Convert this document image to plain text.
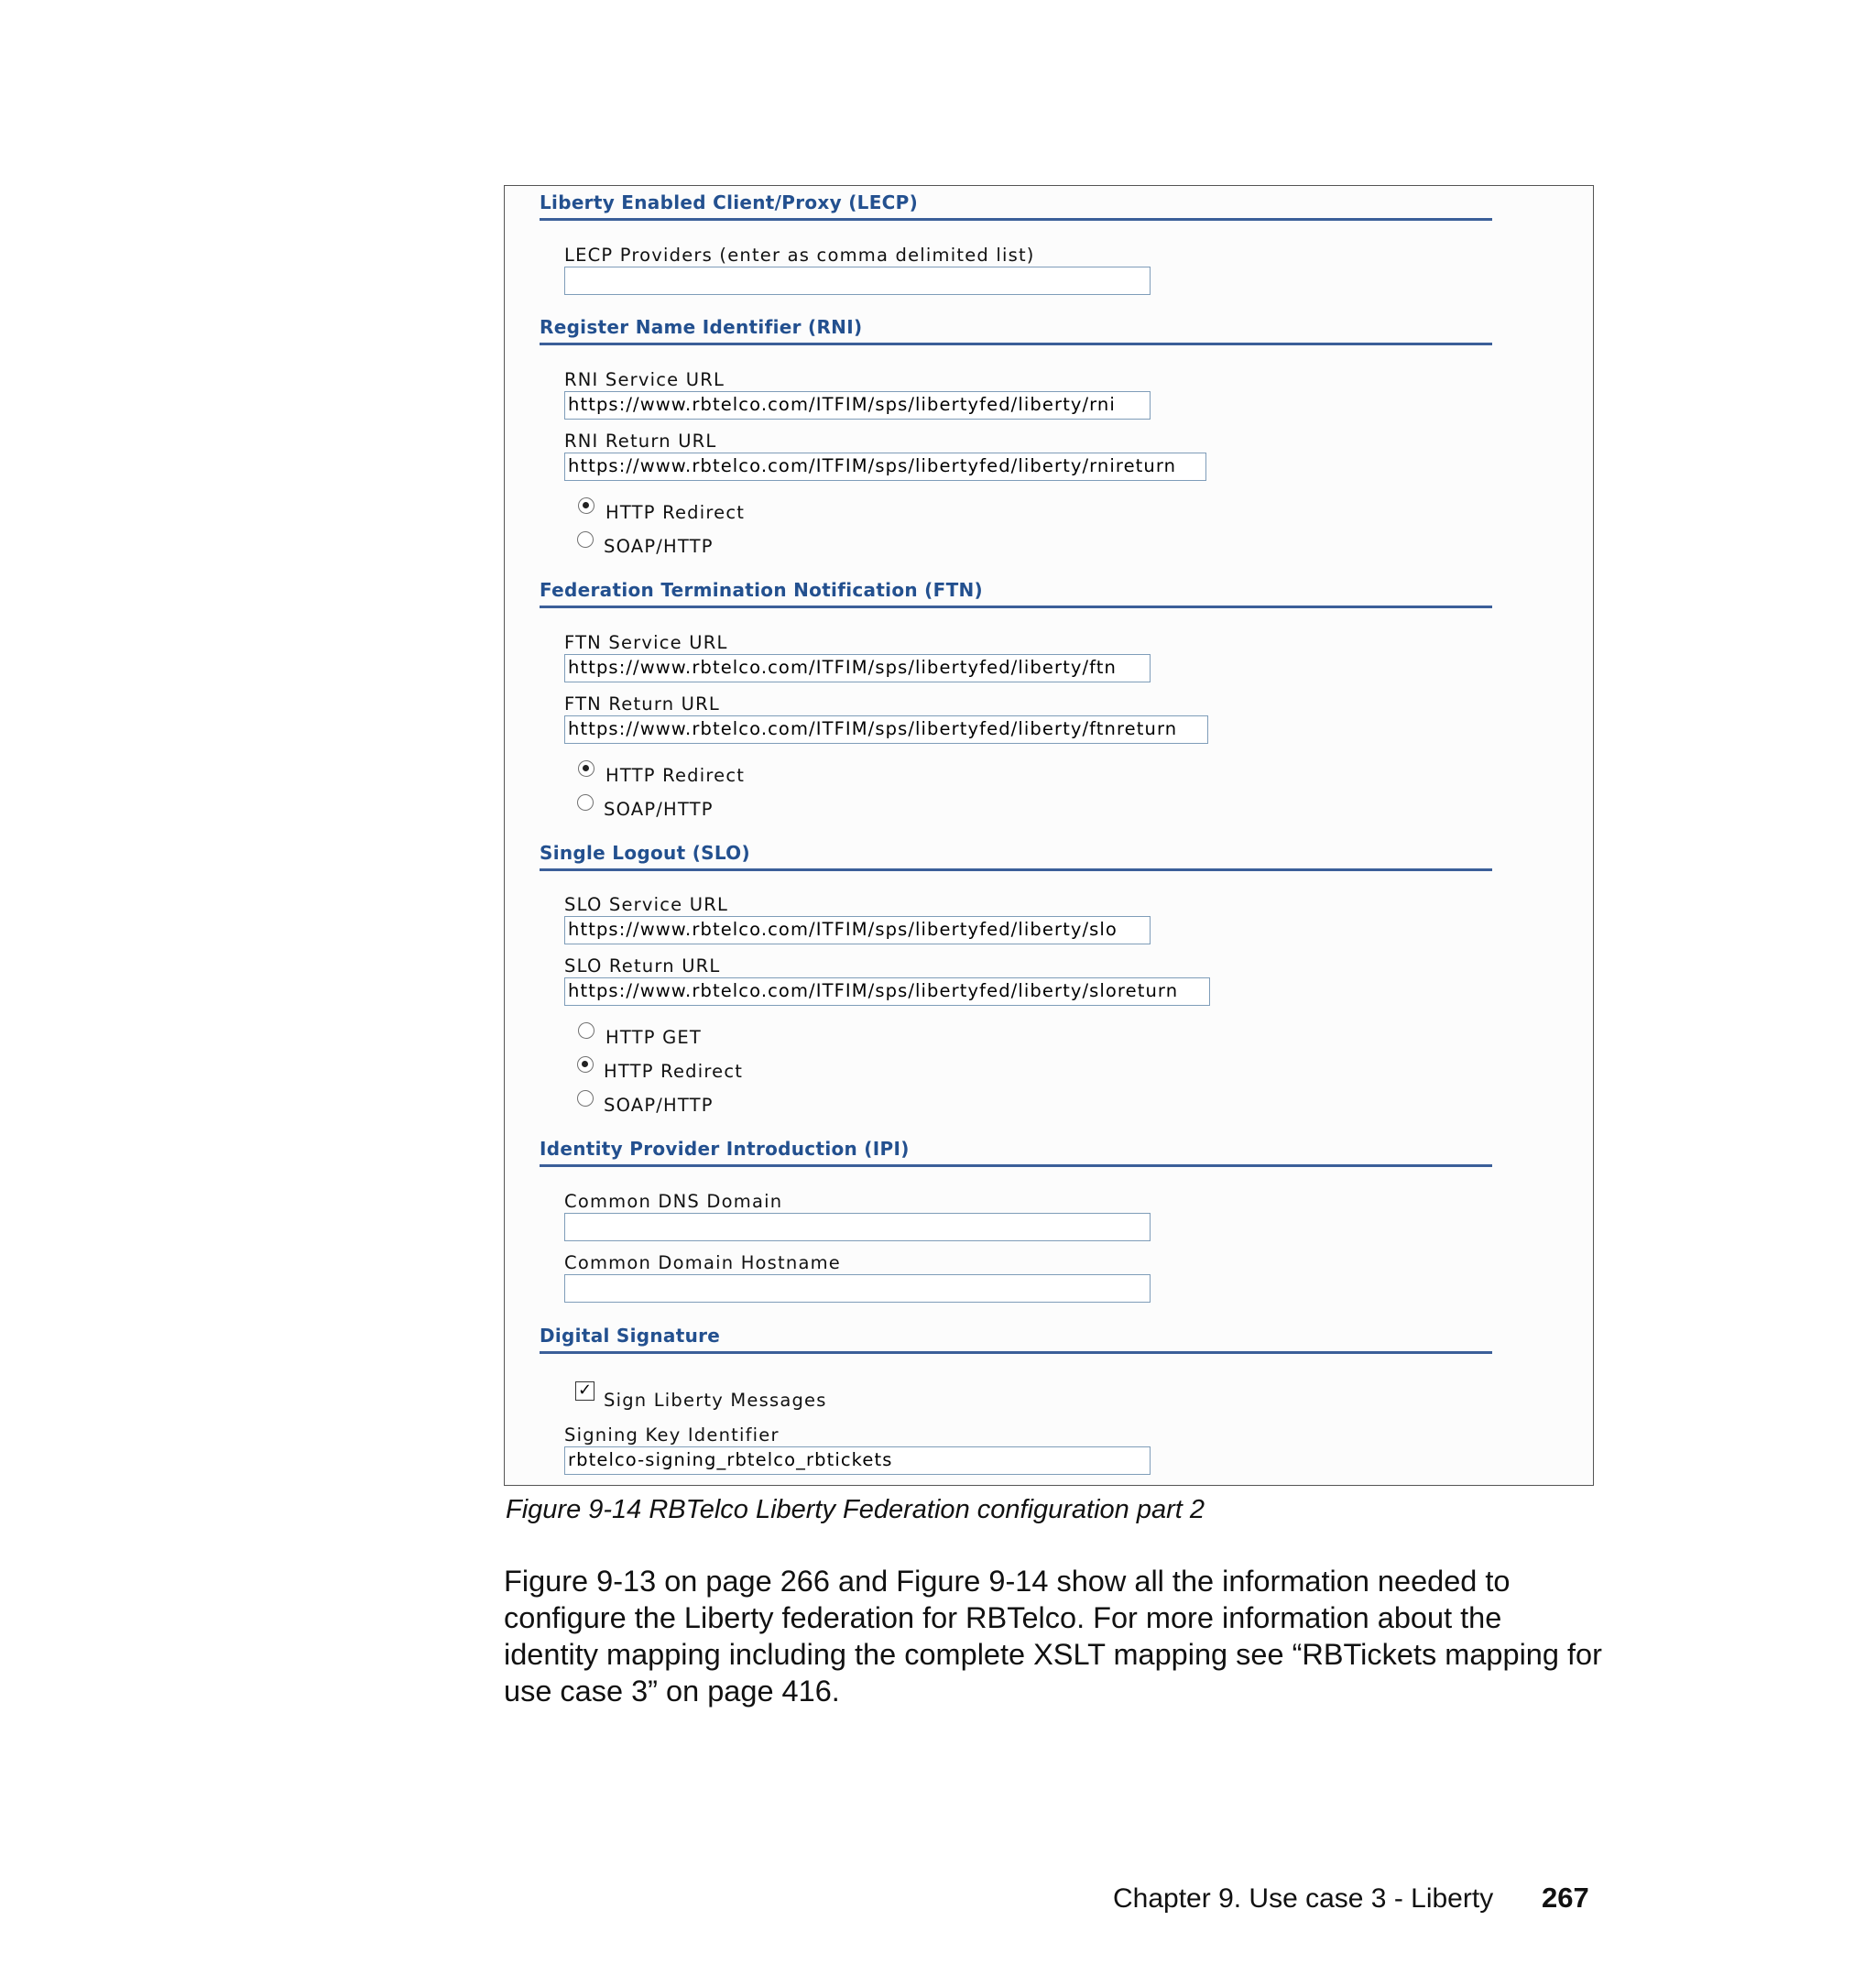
Liberty Enabled Client/Proxy (LECP)
LECP Providers (enter as comma delimited list)
Register Name Identifier (RNI)
RNI Service URL
https://www.rbtelco.com/ITFIM/sps/libertyfed/liberty/rni
RNI Return URL
https://www.rbtelco.com/ITFIM/sps/libertyfed/liberty/rnireturn
HTTP Redirect
SOAP/HTTP
Federation Termination Notification (FTN)
FTN Service URL
https://www.rbtelco.com/ITFIM/sps/libertyfed/liberty/ftn
FTN Return URL
https://www.rbtelco.com/ITFIM/sps/libertyfed/liberty/ftnreturn
HTTP Redirect
SOAP/HTTP
Single Logout (SLO)
SLO Service URL
https://www.rbtelco.com/ITFIM/sps/libertyfed/liberty/slo
SLO Return URL
https://www.rbtelco.com/ITFIM/sps/libertyfed/liberty/sloreturn
HTTP GET
HTTP Redirect
SOAP/HTTP
Identity Provider Introduction (IPI)
Common DNS Domain
Common Domain Hostname
Digital Signature
✓ Sign Liberty Messages
Signing Key Identifier
rbtelco-signing_rbtelco_rbtickets
Figure 9-14 RBTelco Liberty Federation configuration part 2
Figure 9-13 on page 266 and Figure 9-14 show all the information needed to configure the Liberty federation for RBTelco. For more information about the identity mapping including the complete XSLT mapping see “RBTickets mapping for use case 3” on page 416.
Chapter 9. Use case 3 - Liberty 267
